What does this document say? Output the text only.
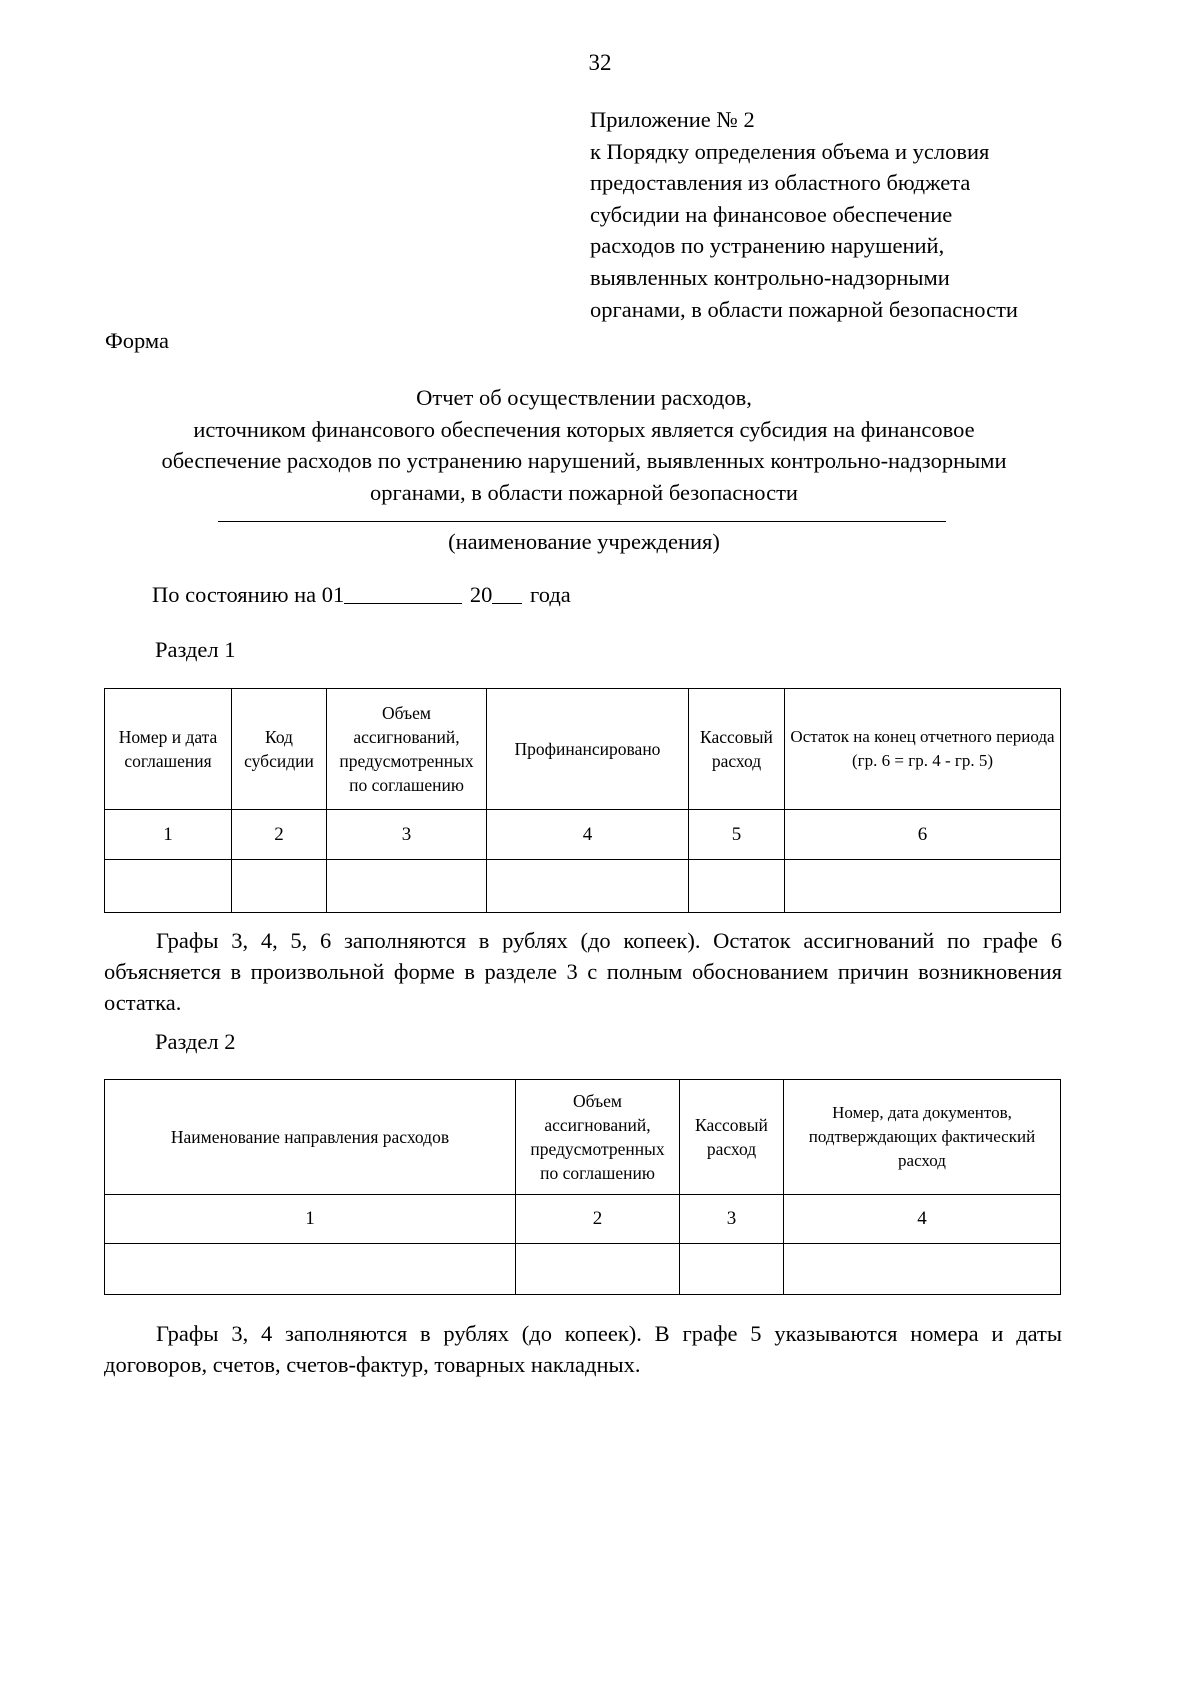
32
Приложение № 2
к Порядку определения объема и условия
предоставления из областного бюджета
субсидии на финансовое обеспечение
расходов по устранению нарушений,
выявленных контрольно-надзорными
органами, в области пожарной безопасности
Форма
Отчет об осуществлении расходов,
источником финансового обеспечения которых является субсидия на финансовое
обеспечение расходов по устранению нарушений, выявленных контрольно-надзорными
органами, в области пожарной безопасности
(наименование учреждения)
По состоянию на 01	20 года
Раздел 1
Номер и дата соглашения	Код субсидии	Объем ассигнований, предусмотренных по соглашению	Профинансировано	Кассовый расход	Остаток на конец отчетного периода (гр. 6 = гр. 4 - гр. 5)
1	2	3	4	5	6

Графы 3, 4, 5, 6 заполняются в рублях (до копеек). Остаток ассигнований по графе 6 объясняется в произвольной форме в разделе 3 с полным обоснованием причин возникновения остатка.
Раздел 2
Наименование направления расходов	Объем ассигнований, предусмотренных по соглашению	Кассовый расход	Номер, дата документов, подтверждающих фактический расход
1	2	3	4

Графы 3, 4 заполняются в рублях (до копеек). В графе 5 указываются номера и даты договоров, счетов, счетов-фактур, товарных накладных.
